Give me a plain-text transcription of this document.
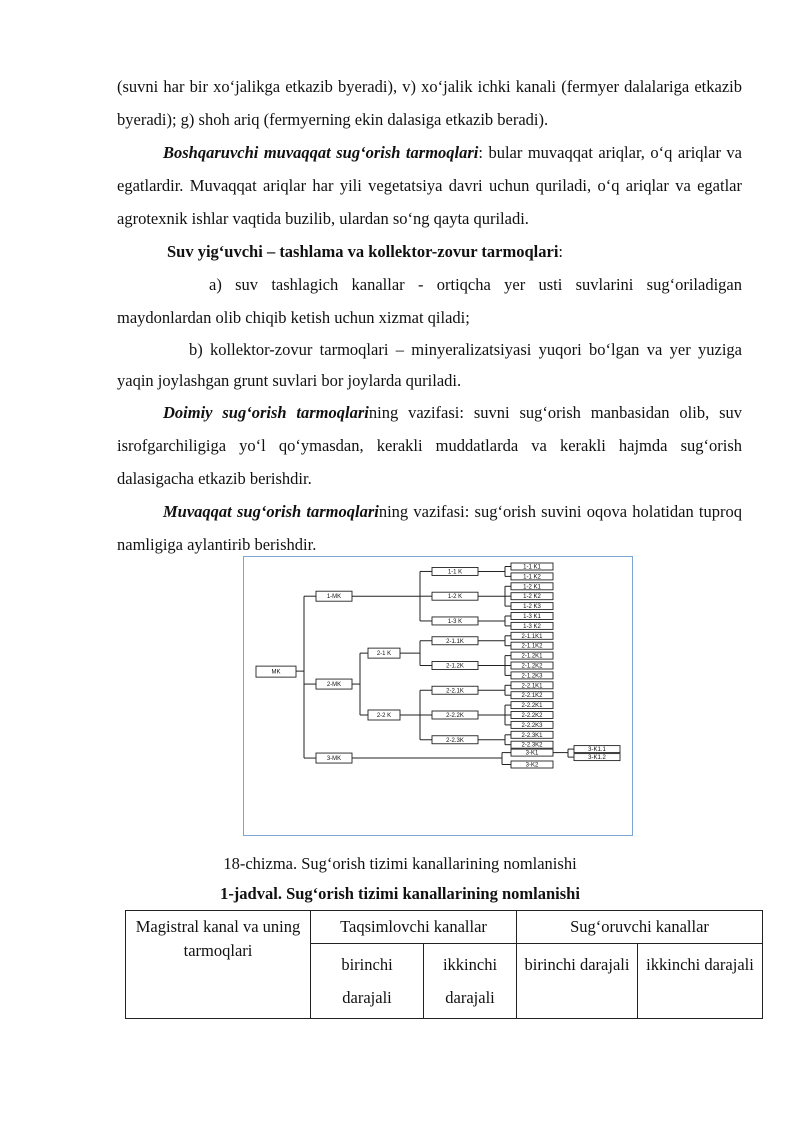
(suvni har bir xo‘jalikga etkazib byeradi), v) xo‘jalik ichki kanali (fermyer dalalariga etkazib byeradi); g) shoh ariq (fermyerning ekin dalasiga etkazib beradi).

Boshqaruvchi muvaqqat sug‘orish tarmoqlari: bular muvaqqat ariqlar, o‘q ariqlar va egatlardir. Muvaqqat ariqlar har yili vegetatsiya davri uchun quriladi, o‘q ariqlar va egatlar agrotexnik ishlar vaqtida buzilib, ulardan so‘ng qayta quriladi.

Suv yig‘uvchi – tashlama va kollektor-zovur tarmoqlari:

a) suv tashlagich kanallar - ortiqcha yer usti suvlarini sug‘oriladigan maydonlardan olib chiqib ketish uchun xizmat qiladi;

b) kollektor-zovur tarmoqlari – minyeralizatsiyasi yuqori bo‘lgan va yer yuziga yaqin joylashgan grunt suvlari bor joylarda quriladi.

Doimiy sug‘orish tarmoqlarining vazifasi: suvni sug‘orish manbasidan olib, suv isrofgarchiligiga yo‘l qo‘ymasdan, kerakli muddatlarda va kerakli hajmda sug‘orish dalasigacha etkazib berishdir.

Muvaqqat sug‘orish tarmoqlarining vazifasi: sug‘orish suvini oqova holatidan tuproq namligiga aylantirib berishdir.

1-1 K1
1-1 K2
1-1 K
1-2 K1
1-2 K2
1-2 K3
1-2 K
1-3 K1
1-3 K2
1-3 K
2-1.1K1
2-1.1K2
2-1.1K
2-1.2K1
2-1.2K2
2-1.2K3
2-1.2K
2-2.1K1
2-2.1K2
2-2.1K
2-2.2K1
2-2.2K2
2-2.2K3
2-2.2K
2-2.3K1
2-2.3K2
2-2.3K
3-K1
3-K2
3-K1.1
3-K1.2
2-1 K
2-2 K
1-MK
2-MK
3-MK
MK
18-chizma. Sug‘orish tizimi kanallarining nomlanishi
1-jadval. Sug‘orish tizimi kanallarining nomlanishi
Magistral kanal va uning tarmoqlari	Taqsimlovchi kanallar		Sug‘oruvchi kanallar	
	birinchi darajali	ikkinchi darajali	birinchi darajali	ikkinchi darajali
